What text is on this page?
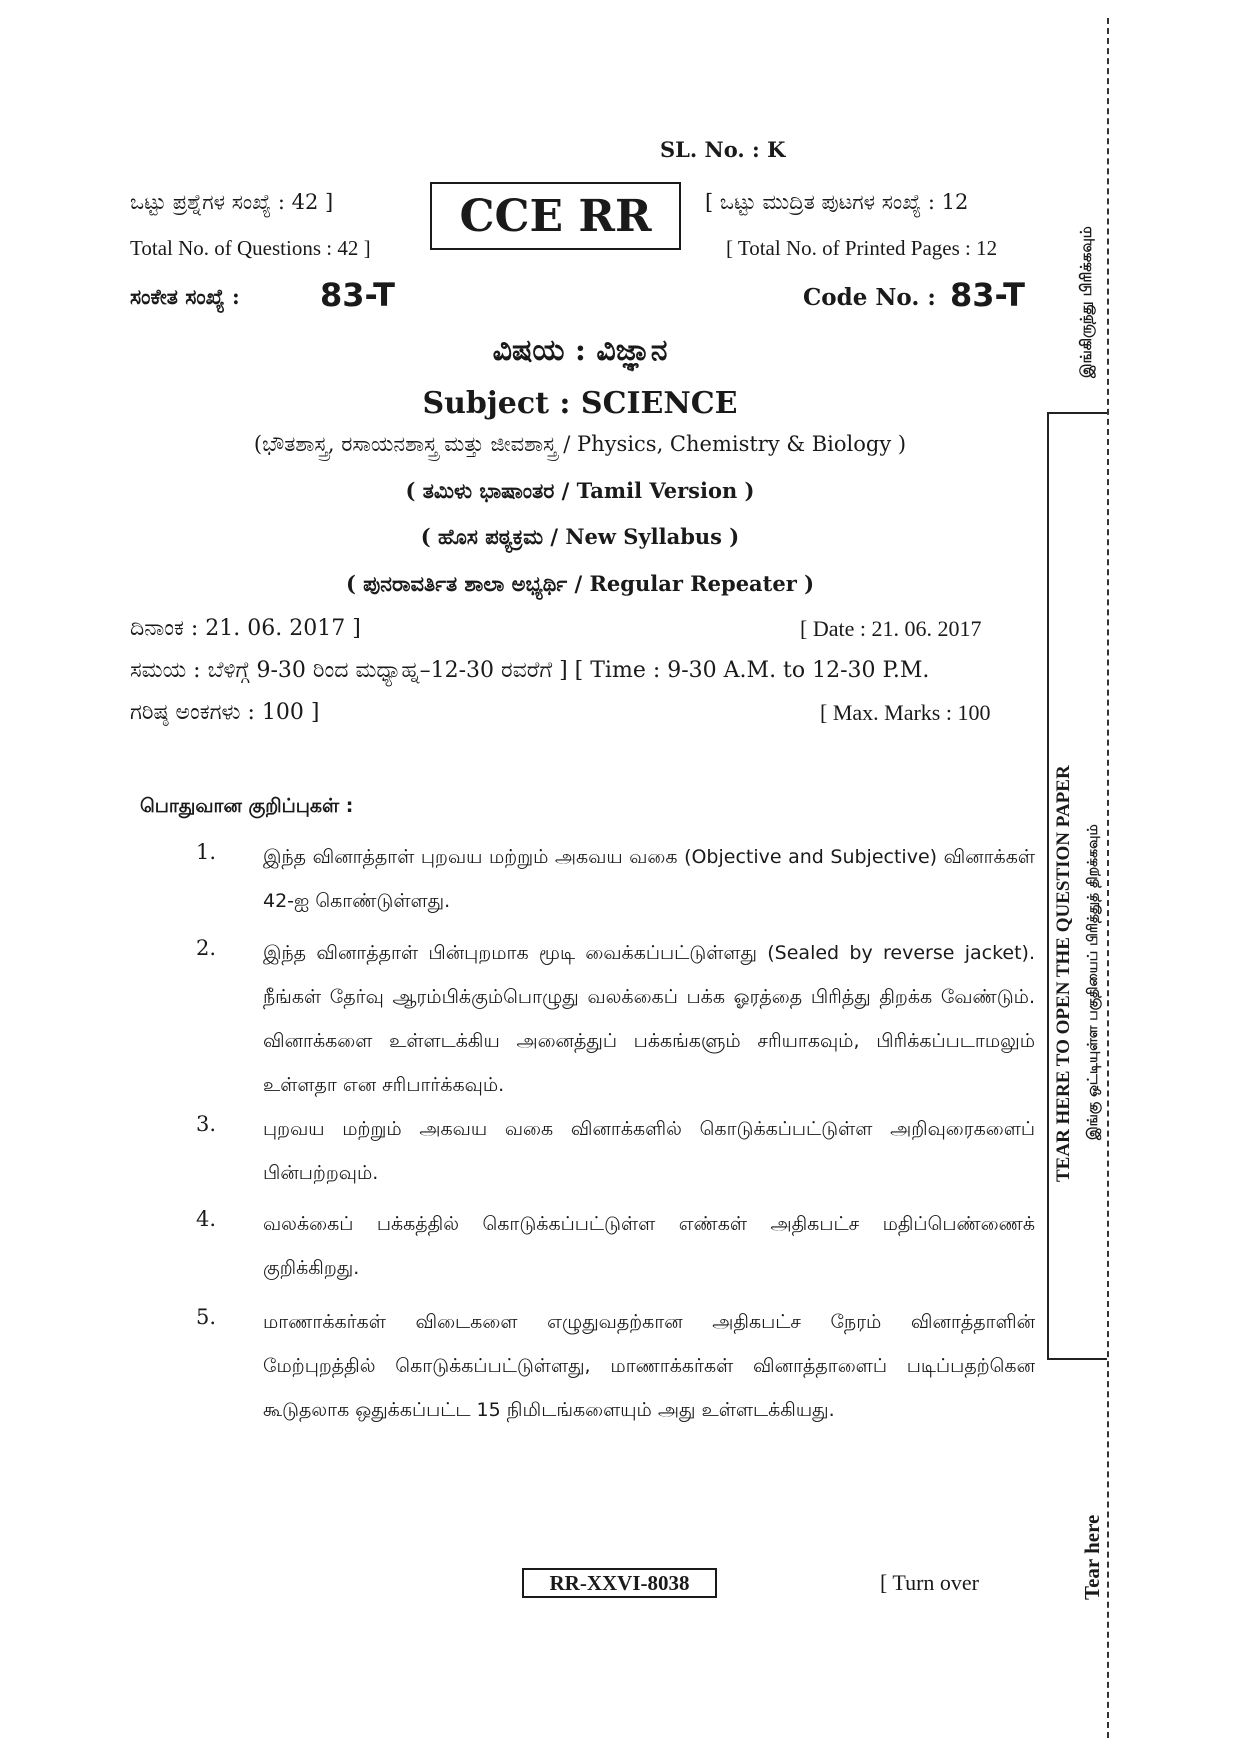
SL. No. : K
ಒಟ್ಟು ಪ್ರಶ್ನೆಗಳ ಸಂಖ್ಯೆ : 42 ]
Total No. of Questions : 42 ]
CCE RR	[ ಒಟ್ಟು ಮುದ್ರಿತ ಪುಟಗಳ ಸಂಖ್ಯೆ : 12
[ Total No. of Printed Pages : 12
ಸಂಕೇತ ಸಂಖ್ಯೆ :	83-T	Code No. : 83-T
ವಿಷಯ : ವಿಜ್ಞಾನ
Subject : SCIENCE
(ಭೌತಶಾಸ್ತ್ರ, ರಸಾಯನಶಾಸ್ತ್ರ ಮತ್ತು ಜೀವಶಾಸ್ತ್ರ / Physics, Chemistry & Biology )
( ತಮಿಳು ಭಾಷಾಂತರ / Tamil Version )
( ಹೊಸ ಪಠ್ಯಕ್ರಮ / New Syllabus )
( ಪುನರಾವರ್ತಿತ ಶಾಲಾ ಅಭ್ಯರ್ಥಿ / Regular Repeater )
ದಿನಾಂಕ : 21. 06. 2017 ]	[ Date : 21. 06. 2017
ಸಮಯ : ಬೆಳಿಗ್ಗೆ 9-30 ರಿಂದ ಮಧ್ಯಾಹ್ನ–12-30 ರವರೆಗೆ ] [ Time : 9-30 A.M. to 12-30 P.M.
ಗರಿಷ್ಠ ಅಂಕಗಳು : 100 ]	[ Max. Marks : 100
பொதுவான குறிப்புகள் :
1. இந்த வினாத்தாள் புறவய மற்றும் அகவய வகை (Objective and Subjective) வினாக்கள் 42-ஐ கொண்டுள்ளது.
2. இந்த வினாத்தாள் பின்புறமாக மூடி வைக்கப்பட்டுள்ளது (Sealed by reverse jacket). நீங்கள் தேர்வு ஆரம்பிக்கும்பொழுது வலக்கைப் பக்க ஓரத்தை பிரித்து திறக்க வேண்டும். வினாக்களை உள்ளடக்கிய அனைத்துப் பக்கங்களும் சரியாகவும், பிரிக்கப்படாமலும் உள்ளதா என சரிபார்க்கவும்.
3. புறவய மற்றும் அகவய வகை வினாக்களில் கொடுக்கப்பட்டுள்ள அறிவுரைகளைப் பின்பற்றவும்.
4. வலக்கைப் பக்கத்தில் கொடுக்கப்பட்டுள்ள எண்கள் அதிகபட்ச மதிப்பெண்ணைக் குறிக்கிறது.
5. மாணாக்கர்கள் விடைகளை எழுதுவதற்கான அதிகபட்ச நேரம் வினாத்தாளின் மேற்புறத்தில் கொடுக்கப்பட்டுள்ளது, மாணாக்கர்கள் வினாத்தாளைப் படிப்பதற்கென கூடுதலாக ஒதுக்கப்பட்ட 15 நிமிடங்களையும் அது உள்ளடக்கியது.
RR-XXVI-8038	[ Turn over
இங்கிருந்து பிரிக்கவும்
TEAR HERE TO OPEN THE QUESTION PAPER இங்கு ஒட்டியுள்ள பகுதியைப் பிரித்துத் திறக்கவும்
Tear here
